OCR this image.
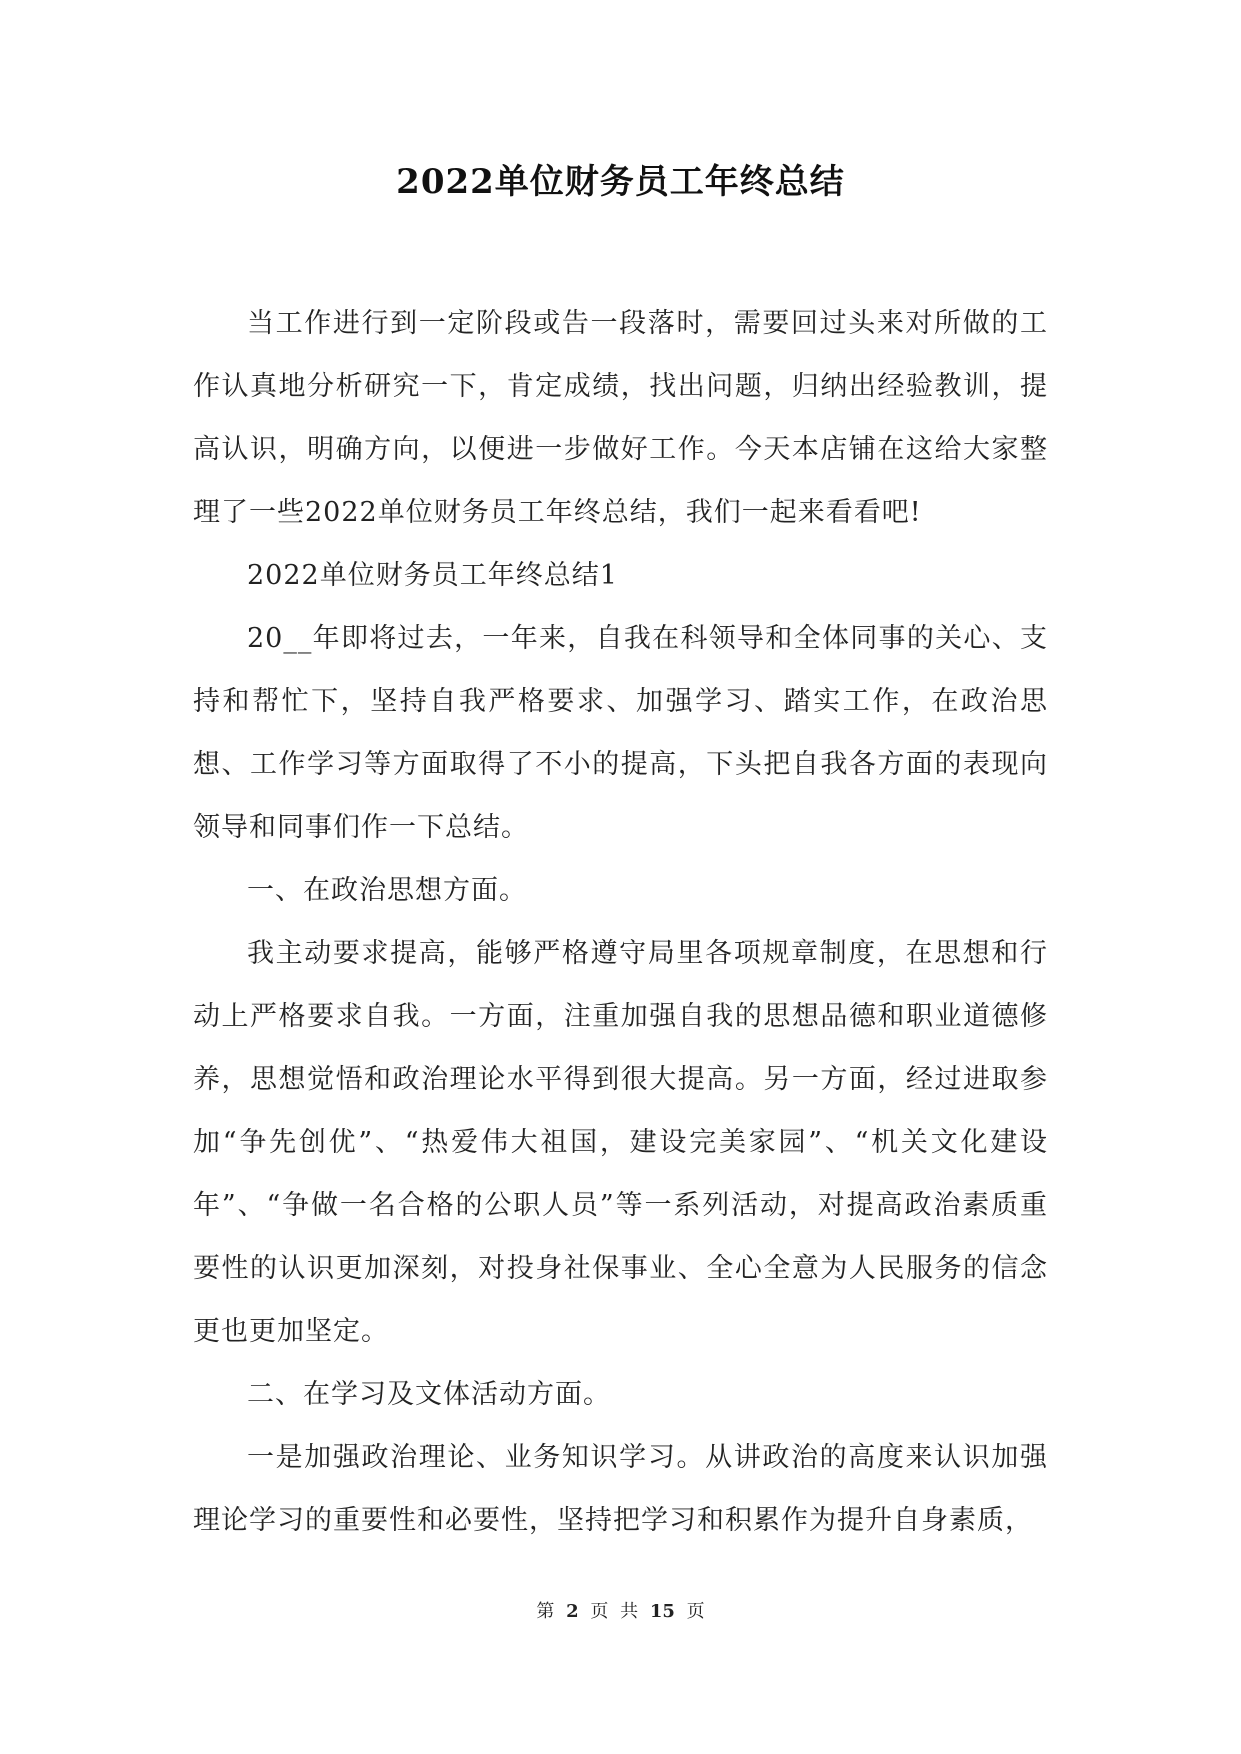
2022单位财务员工年终总结

当工作进行到一定阶段或告一段落时，需要回过头来对所做的工作认真地分析研究一下，肯定成绩，找出问题，归纳出经验教训，提高认识，明确方向，以便进一步做好工作。今天本店铺在这给大家整理了一些2022单位财务员工年终总结，我们一起来看看吧!

2022单位财务员工年终总结1

20__年即将过去，一年来，自我在科领导和全体同事的关心、支持和帮忙下，坚持自我严格要求、加强学习、踏实工作，在政治思想、工作学习等方面取得了不小的提高，下头把自我各方面的表现向领导和同事们作一下总结。

一、在政治思想方面。

我主动要求提高，能够严格遵守局里各项规章制度，在思想和行动上严格要求自我。一方面，注重加强自我的思想品德和职业道德修养，思想觉悟和政治理论水平得到很大提高。另一方面，经过进取参加“争先创优”、“热爱伟大祖国，建设完美家园”、“机关文化建设年”、“争做一名合格的公职人员”等一系列活动，对提高政治素质重要性的认识更加深刻，对投身社保事业、全心全意为人民服务的信念更也更加坚定。

二、在学习及文体活动方面。

一是加强政治理论、业务知识学习。从讲政治的高度来认识加强理论学习的重要性和必要性，坚持把学习和积累作为提升自身素质，

第 2 页 共 15 页
